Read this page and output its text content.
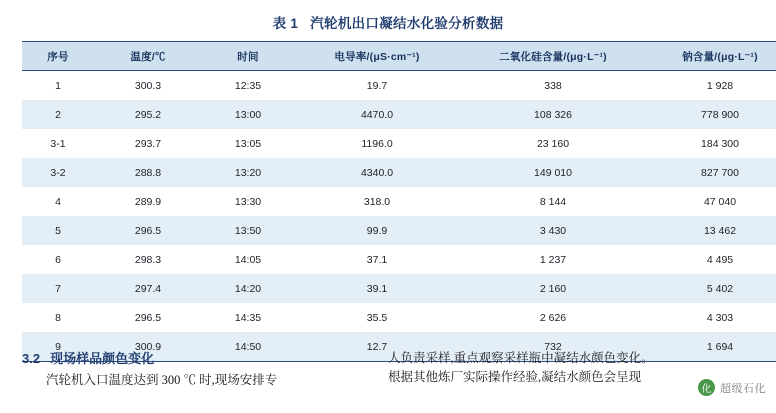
表 1 汽轮机出口凝结水化验分析数据
序号	温度/℃	时间	电导率/(μS·cm⁻¹)	二氧化硅含量/(μg·L⁻¹)	钠含量/(μg·L⁻¹)
1	300.3	12:35	19.7	338	1 928
2	295.2	13:00	4470.0	108 326	778 900
3-1	293.7	13:05	1196.0	23 160	184 300
3-2	288.8	13:20	4340.0	149 010	827 700
4	289.9	13:30	318.0	8 144	47 040
5	296.5	13:50	99.9	3 430	13 462
6	298.3	14:05	37.1	1 237	4 495
7	297.4	14:20	39.1	2 160	5 402
8	296.5	14:35	35.5	2 626	4 303
9	300.9	14:50	12.7	732	1 694
3.2 现场样品颜色变化
汽轮机入口温度达到 300 ℃ 时,现场安排专
人负责采样,重点观察采样瓶中凝结水颜色变化。
根据其他炼厂实际操作经验,凝结水颜色会呈现
化 超级石化
